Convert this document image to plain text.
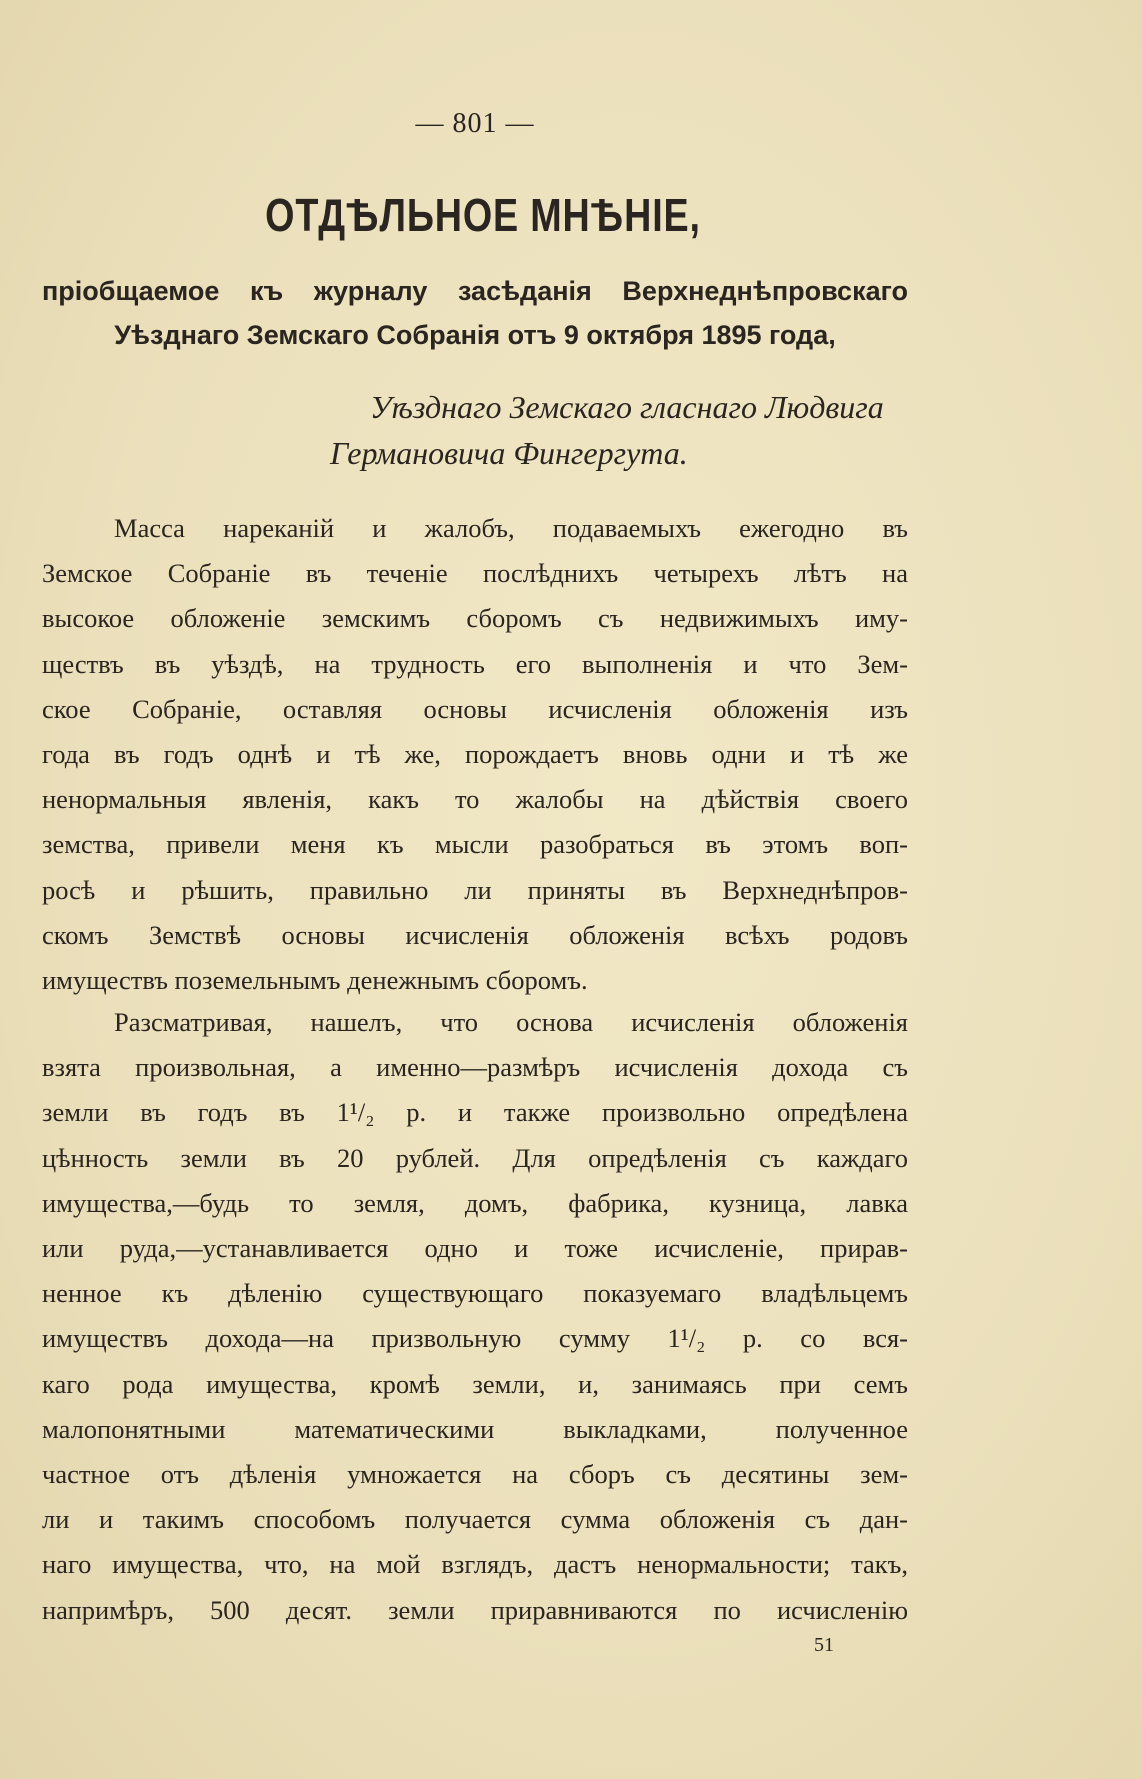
— 801 —
ОТДѢЛЬНОЕ МНѢНІЕ,
пріобщаемое къ журналу засѣданія Верхнеднѣпровскаго
Уѣзднаго Земскаго Собранія отъ 9 октября 1895 года,
Уѣзднаго Земскаго гласнаго Людвига
Германовича Фингергута.
Масса нареканій и жалобъ, подаваемыхъ ежегодно въ
Земское Собраніе въ теченіе послѣднихъ четырехъ лѣтъ на
высокое обложеніе земскимъ сборомъ съ недвижимыхъ иму-
ществъ въ уѣздѣ, на трудность его выполненія и что Зем-
ское Собраніе, оставляя основы исчисленія обложенія изъ
года въ годъ однѣ и тѣ же, порождаетъ вновь одни и тѣ же
ненормальныя явленія, какъ то жалобы на дѣйствія своего
земства, привели меня къ мысли разобраться въ этомъ воп-
росѣ и рѣшить, правильно ли приняты въ Верхнеднѣпров-
скомъ Земствѣ основы исчисленія обложенія всѣхъ родовъ
имуществъ поземельнымъ денежнымъ сборомъ.
Разсматривая, нашелъ, что основа исчисленія обложенія
взята произвольная, а именно—размѣръ исчисленія дохода съ
земли въ годъ въ 1¹/₂ р. и также произвольно опредѣлена
цѣнность земли въ 20 рублей. Для опредѣленія съ каждаго
имущества,—будь то земля, домъ, фабрика, кузница, лавка
или руда,—устанавливается одно и тоже исчисленіе, прирав-
ненное къ дѣленію существующаго показуемаго владѣльцемъ
имуществъ дохода—на призвольную сумму 1¹/₂ р. со вся-
каго рода имущества, кромѣ земли, и, занимаясь при семъ
малопонятными математическими выкладками, полученное
частное отъ дѣленія умножается на сборъ съ десятины зем-
ли и такимъ способомъ получается сумма обложенія съ дан-
наго имущества, что, на мой взглядъ, дастъ ненормальности; такъ,
напримѣръ, 500 десят. земли приравниваются по исчисленію
51
